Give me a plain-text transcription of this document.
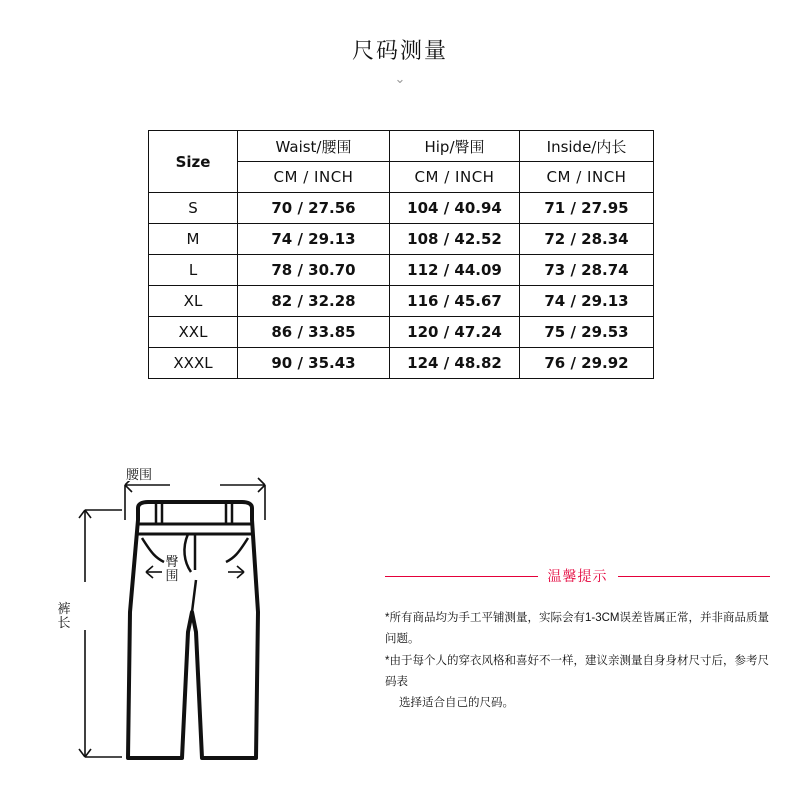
尺码测量
⌄
Size	Waist/腰围	Hip/臀围	Inside/内长
	CM / INCH	CM / INCH	CM / INCH
S	70 / 27.56	104 / 40.94	71 / 27.95
M	74 / 29.13	108 / 42.52	72 / 28.34
L	78 / 30.70	112 / 44.09	73 / 28.74
XL	82 / 32.28	116 / 45.67	74 / 29.13
XXL	86 / 33.85	120 / 47.24	75 / 29.53
XXXL	90 / 35.43	124 / 48.82	76 / 29.92
腰围
裤长
臀围	温馨提示
*所有商品均为手工平铺测量，实际会有1-3CM误差皆属正常，并非商品质量问题。
*由于每个人的穿衣风格和喜好不一样，建议亲测量自身身材尺寸后，参考尺码表
选择适合自己的尺码。
